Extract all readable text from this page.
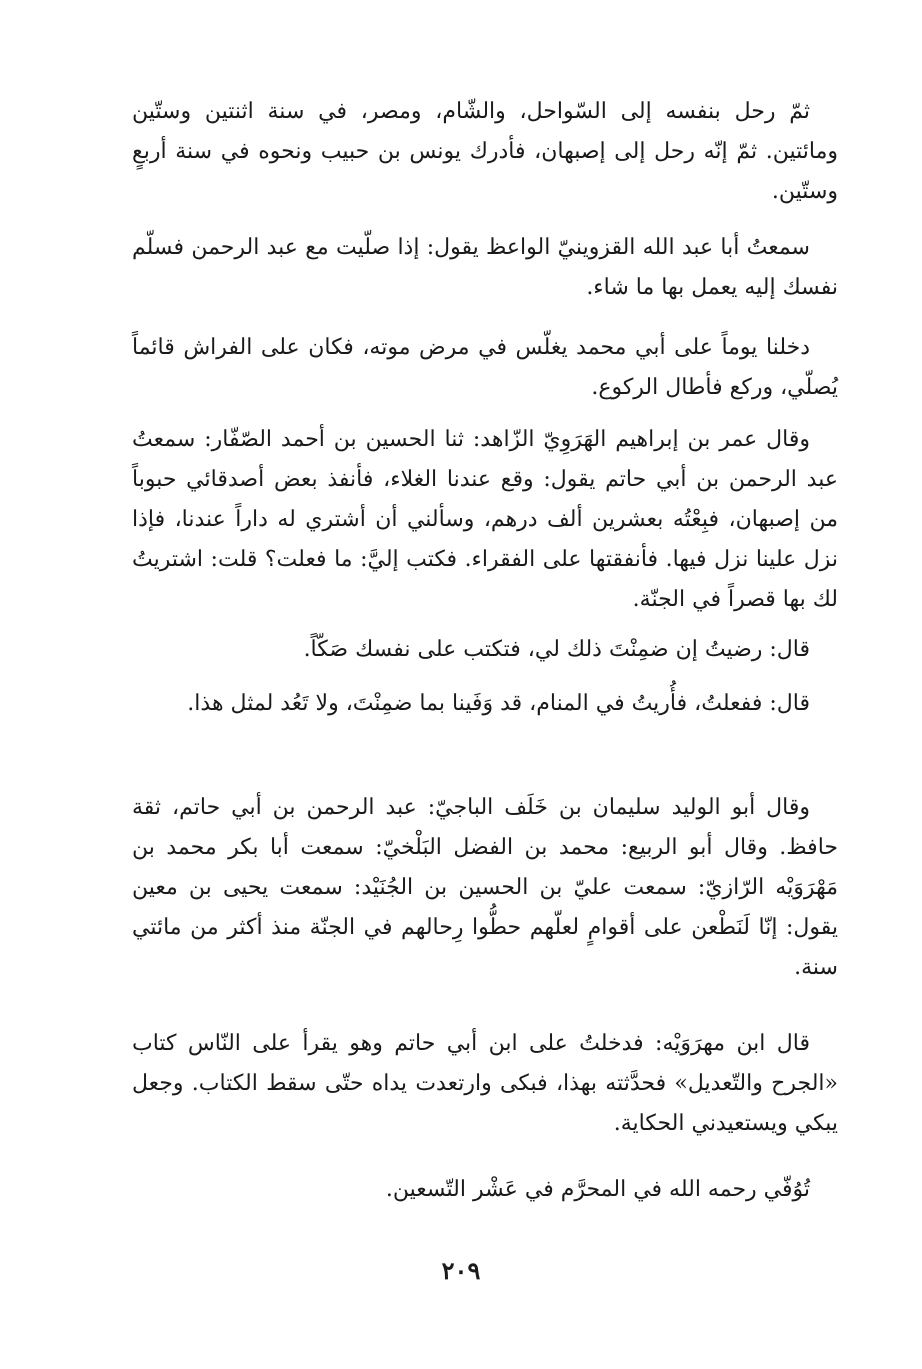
ثمّ رحل بنفسه إلى السّواحل، والشّام، ومصر، في سنة اثنتين وستّين ومائتين. ثمّ إنّه رحل إلى إصبهان، فأدرك يونس بن حبيب ونحوه في سنة أربعٍ وستّين.

سمعتُ أبا عبد الله القزوينيّ الواعظ يقول: إذا صلّيت مع عبد الرحمن فسلّم نفسك إليه يعمل بها ما شاء.

دخلنا يوماً على أبي محمد يغلّس في مرض موته، فكان على الفراش قائماً يُصلّي، وركع فأطال الركوع.

وقال عمر بن إبراهيم الهَرَوِيّ الزّاهد: ثنا الحسين بن أحمد الصّفّار: سمعتُ عبد الرحمن بن أبي حاتم يقول: وقع عندنا الغلاء، فأنفذ بعض أصدقائي حبوباً من إصبهان، فبِعْتُه بعشرين ألف درهم، وسألني أن أشتري له داراً عندنا، فإذا نزل علينا نزل فيها. فأنفقتها على الفقراء. فكتب إليَّ: ما فعلت؟ قلت: اشتريتُ لك بها قصراً في الجنّة.

قال: رضيتُ إن ضمِنْتَ ذلك لي، فتكتب على نفسك صَكّاً.

قال: ففعلتُ، فأُريتُ في المنام، قد وَفَينا بما ضمِنْتَ، ولا تَعُد لمثل هذا.

وقال أبو الوليد سليمان بن خَلَف الباجيّ: عبد الرحمن بن أبي حاتم، ثقة حافظ. وقال أبو الربيع: محمد بن الفضل البَلْخيّ: سمعت أبا بكر محمد بن مَهْرَوَيْه الرّازيّ: سمعت عليّ بن الحسين بن الجُنَيْد: سمعت يحيى بن معين يقول: إنّا لَنَطْعن على أقوامٍ لعلّهم حطُّوا رِحالهم في الجنّة منذ أكثر من مائتي سنة.

قال ابن مهرَوَيْه: فدخلتُ على ابن أبي حاتم وهو يقرأ على النّاس كتاب «الجرح والتّعديل» فحدَّثته بهذا، فبكى وارتعدت يداه حتّى سقط الكتاب. وجعل يبكي ويستعيدني الحكاية.

تُوُفّي رحمه الله في المحرَّم في عَشْر التّسعين.

٢٠٩
